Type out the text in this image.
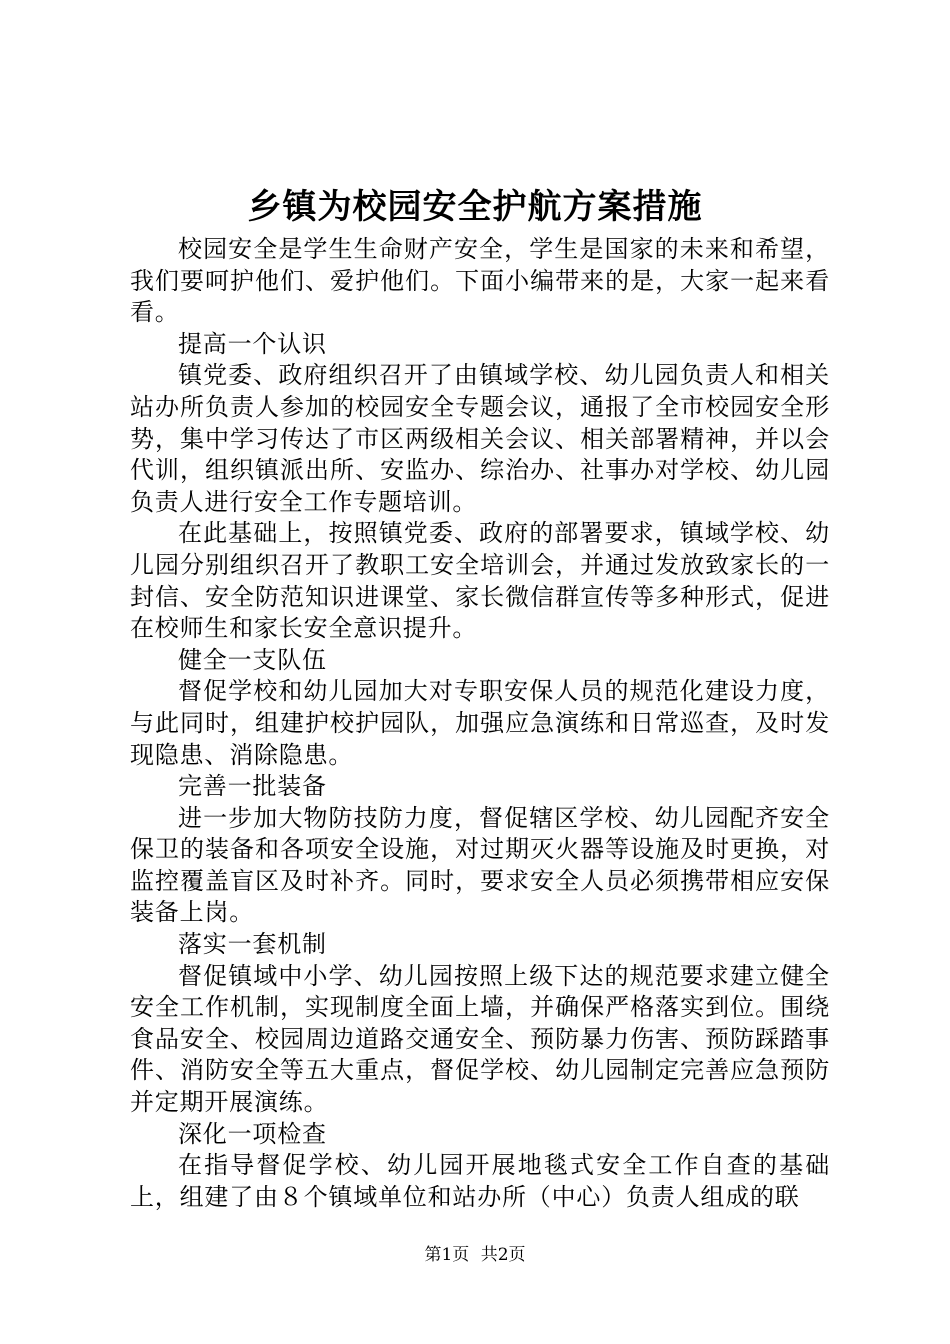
乡镇为校园安全护航方案措施

校园安全是学生生命财产安全，学生是国家的未来和希望，我们要呵护他们、爱护他们。下面小编带来的是，大家一起来看看。

提高一个认识

镇党委、政府组织召开了由镇域学校、幼儿园负责人和相关站办所负责人参加的校园安全专题会议，通报了全市校园安全形势，集中学习传达了市区两级相关会议、相关部署精神，并以会代训，组织镇派出所、安监办、综治办、社事办对学校、幼儿园负责人进行安全工作专题培训。

在此基础上，按照镇党委、政府的部署要求，镇域学校、幼儿园分别组织召开了教职工安全培训会，并通过发放致家长的一封信、安全防范知识进课堂、家长微信群宣传等多种形式，促进在校师生和家长安全意识提升。

健全一支队伍

督促学校和幼儿园加大对专职安保人员的规范化建设力度，与此同时，组建护校护园队，加强应急演练和日常巡查，及时发现隐患、消除隐患。

完善一批装备

进一步加大物防技防力度，督促辖区学校、幼儿园配齐安全保卫的装备和各项安全设施，对过期灭火器等设施及时更换，对监控覆盖盲区及时补齐。同时，要求安全人员必须携带相应安保装备上岗。

落实一套机制

督促镇域中小学、幼儿园按照上级下达的规范要求建立健全安全工作机制，实现制度全面上墙，并确保严格落实到位。围绕食品安全、校园周边道路交通安全、预防暴力伤害、预防踩踏事件、消防安全等五大重点，督促学校、幼儿园制定完善应急预防并定期开展演练。

深化一项检查

在指导督促学校、幼儿园开展地毯式安全工作自查的基础上，组建了由８个镇域单位和站办所（中心）负责人组成的联

第1页 共2页
